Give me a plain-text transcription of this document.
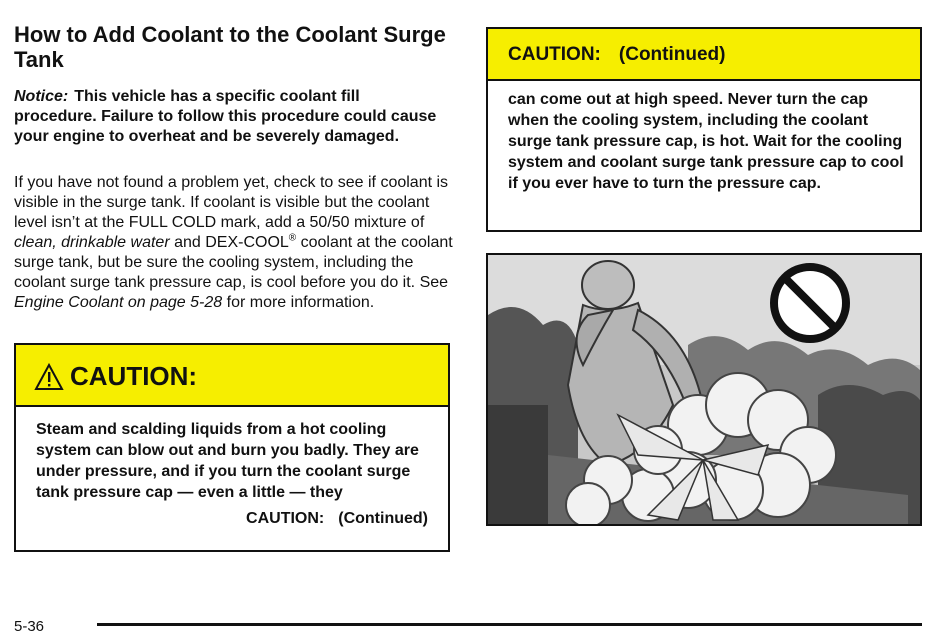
How to Add Coolant to the Coolant Surge Tank

Notice: This vehicle has a specific coolant fill procedure. Failure to follow this procedure could cause your engine to overheat and be severely damaged.

If you have not found a problem yet, check to see if coolant is visible in the surge tank. If coolant is visible but the coolant level isn’t at the FULL COLD mark, add a 50/50 mixture of clean, drinkable water and DEX-COOL® coolant at the coolant surge tank, but be sure the cooling system, including the coolant surge tank pressure cap, is cool before you do it. See Engine Coolant on page 5-28 for more information.

CAUTION:
Steam and scalding liquids from a hot cooling system can blow out and burn you badly. They are under pressure, and if you turn the coolant surge tank pressure cap — even a little — they
CAUTION: (Continued)
CAUTION: (Continued)
can come out at high speed. Never turn the cap when the cooling system, including the coolant surge tank pressure cap, is hot. Wait for the cooling system and coolant surge tank pressure cap to cool if you ever have to turn the pressure cap.
5-36
